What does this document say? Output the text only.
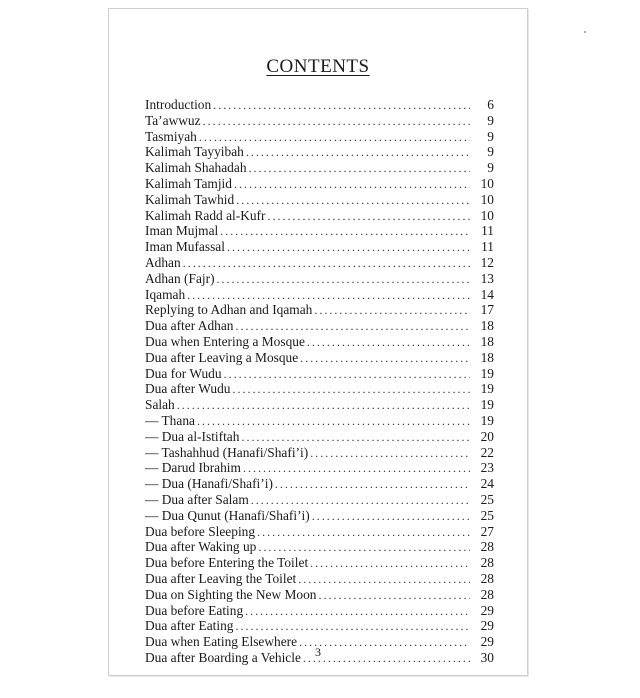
CONTENTS
Introduction .....	6
Ta’awwuz .....	9
Tasmiyah .....	9
Kalimah Tayyibah .....	9
Kalimah Shahadah .....	9
Kalimah Tamjid .....	10
Kalimah Tawhid .....	10
Kalimah Radd al-Kufr .....	10
Iman Mujmal .....	11
Iman Mufassal .....	11
Adhan .....	12
Adhan (Fajr) .....	13
Iqamah .....	14
Replying to Adhan and Iqamah .....	17
Dua after Adhan .....	18
Dua when Entering a Mosque .....	18
Dua after Leaving a Mosque .....	18
Dua for Wudu .....	19
Dua after Wudu .....	19
Salah .....	19
— Thana .....	19
— Dua al-Istiftah .....	20
— Tashahhud (Hanafi/Shafi’i) .....	22
— Darud Ibrahim .....	23
— Dua (Hanafi/Shafi’i) .....	24
— Dua after Salam .....	25
— Dua Qunut (Hanafi/Shafi’i) .....	25
Dua before Sleeping .....	27
Dua after Waking up .....	28
Dua before Entering the Toilet .....	28
Dua after Leaving the Toilet .....	28
Dua on Sighting the New Moon .....	28
Dua before Eating .....	29
Dua after Eating .....	29
Dua when Eating Elsewhere .....	29
Dua after Boarding a Vehicle .....	30
3
